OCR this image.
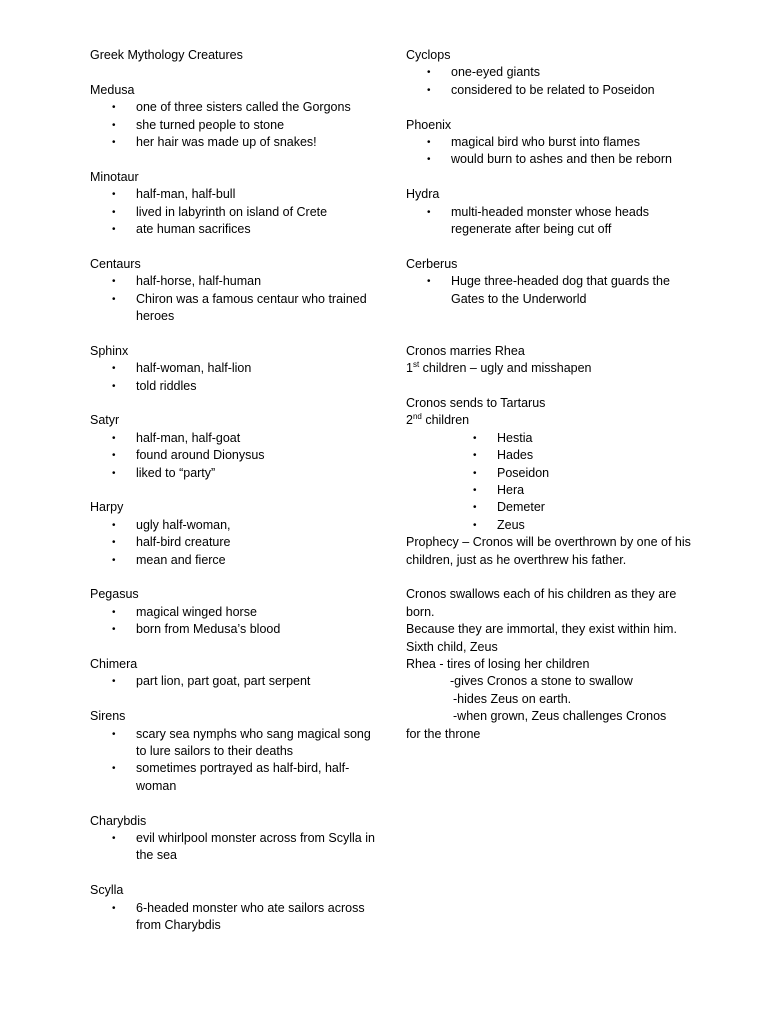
Greek Mythology Creatures
Medusa
• one of three sisters called the Gorgons
• she turned people to stone
• her hair was made up of snakes!
Minotaur
• half-man, half-bull
• lived in labyrinth on island of Crete
• ate human sacrifices
Centaurs
• half-horse, half-human
• Chiron was a famous centaur who trained heroes
Sphinx
• half-woman, half-lion
• told riddles
Satyr
• half-man, half-goat
• found around Dionysus
• liked to “party”
Harpy
• ugly half-woman,
• half-bird creature
• mean and fierce
Pegasus
• magical winged horse
• born from Medusa’s blood
Chimera
• part lion, part goat, part serpent
Sirens
• scary sea nymphs who sang magical song to lure sailors to their deaths
• sometimes portrayed as half-bird, half-woman
Charybdis
• evil whirlpool monster across from Scylla in the sea
Scylla
• 6-headed monster who ate sailors across from Charybdis
Cyclops
• one-eyed giants
• considered to be related to Poseidon
Phoenix
• magical bird who burst into flames
• would burn to ashes and then be reborn
Hydra
• multi-headed monster whose heads regenerate after being cut off
Cerberus
• Huge three-headed dog that guards the Gates to the Underworld
Cronos marries Rhea
1st children – ugly and misshapen
Cronos sends to Tartarus
2nd children
• Hestia
• Hades
• Poseidon
• Hera
• Demeter
• Zeus
Prophecy – Cronos will be overthrown by one of his children, just as he overthrew his father.
Cronos swallows each of his children as they are born.
Because they are immortal, they exist within him.
Sixth child, Zeus
Rhea - tires of losing her children
-gives Cronos a stone to swallow
-hides Zeus on earth.
-when grown, Zeus challenges Cronos
for the throne
